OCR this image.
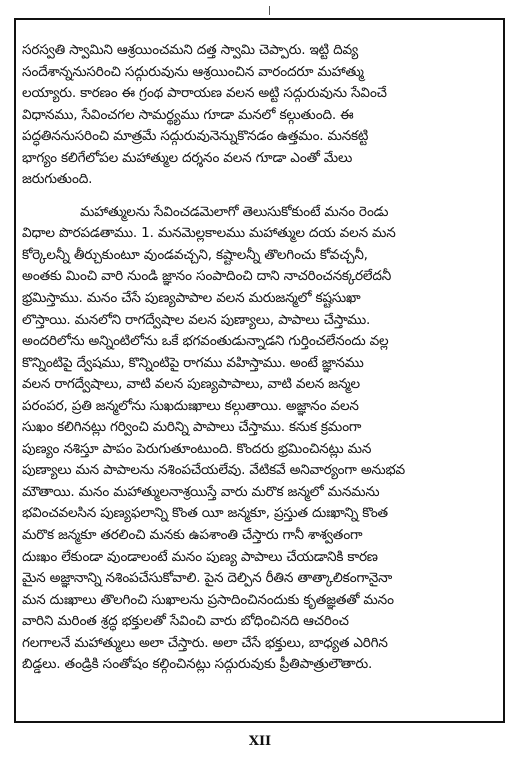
సరస్వతి స్వామిని ఆశ్రయించమని దత్త స్వామి చెప్పారు. ఇట్టి దివ్య
సందేశాన్ననుసరించి సద్గురువును ఆశ్రయించిన వారందరూ మహాత్ము
లయ్యారు. కారణం ఈ గ్రంథ పారాయణ వలన అట్టి సద్గురువును సేవించే
విధానము, సేవించగల సామర్థ్యము గూడా మనలో కల్గుతుంది. ఈ
పద్ధతిననుసరించి మాత్రమే సద్గురువునెన్నుకొనడం ఉత్తమం. మనకట్టి
భాగ్యం కలిగేలోపల మహాత్ముల దర్శనం వలన గూడా ఎంతో మేలు
జరుగుతుంది.
మహాత్ములను సేవించడమెలాగో తెలుసుకోకుంటే మనం రెండు
విధాల పొరపడతాము. 1. మనమెల్లకాలము మహాత్ముల దయ వలన మన
కోర్కెలన్నీ తీర్చుకుంటూ వుండవచ్చని, కష్టాలన్నీ తొలగించు కోవచ్చనీ,
అంతకు మించి వారి నుండి జ్ఞానం సంపాదించి దాని నాచరించనక్కరలేదనీ
భ్రమిస్తాము. మనం చేసే పుణ్యపాపాల వలన మరుజన్మలో కష్టసుఖా
లొస్తాయి. మనలోని రాగద్వేషాల వలన పుణ్యాలు, పాపాలు చేస్తాము.
అందరిలోను అన్నింటిలోను ఒకే భగవంతుడున్నాడని గుర్తించలేనందు వల్ల
కొన్నింటిపై ద్వేషము, కొన్నింటిపై రాగము వహిస్తాము. అంటే జ్ఞానము
వలన రాగద్వేషాలు, వాటి వలన పుణ్యపాపాలు, వాటి వలన జన్మల
పరంపర, ప్రతి జన్మలోను సుఖదుఃఖాలు కల్గుతాయి. అజ్ఞానం వలన
సుఖం కలిగినట్లు గర్వించి మరిన్ని పాపాలు చేస్తాము. కనుక క్రమంగా
పుణ్యం నశిస్తూ పాపం పెరుగుతూంటుంది. కొందరు భ్రమించినట్లు మన
పుణ్యాలు మన పాపాలను నశింపచేయలేవు. వేటికవే అనివార్యంగా అనుభవ
మౌతాయి. మనం మహాత్ములనాశ్రయిస్తే వారు మరొక జన్మలో మనమను
భవించవలసిన పుణ్యఫలాన్ని కొంత యీ జన్మకూ, ప్రస్తుత దుఃఖాన్ని కొంత
మరొక జన్మకూ తరలించి మనకు ఉపశాంతి చేస్తారు గానీ శాశ్వతంగా
దుఃఖం లేకుండా వుండాలంటే మనం పుణ్య పాపాలు చేయడానికి కారణ
మైన అజ్ఞానాన్ని నశింపచేసుకోవాలి. పైన దెల్పిన రీతిన తాత్కాలికంగానైనా
మన దుఃఖాలు తొలగించి సుఖాలను ప్రసాదించినందుకు కృతజ్ఞతతో మనం
వారిని మరింత శ్రద్ధ భక్తులతో సేవించి వారు బోధించినది ఆచరించ
గలగాలనే మహాత్ములు అలా చేస్తారు. అలా చేసే భక్తులు, బాధ్యత ఎరిగిన
బిడ్డలు. తండ్రికి సంతోషం కల్గించినట్లు సద్గురువుకు ప్రీతిపాత్రులౌతారు.
XII
